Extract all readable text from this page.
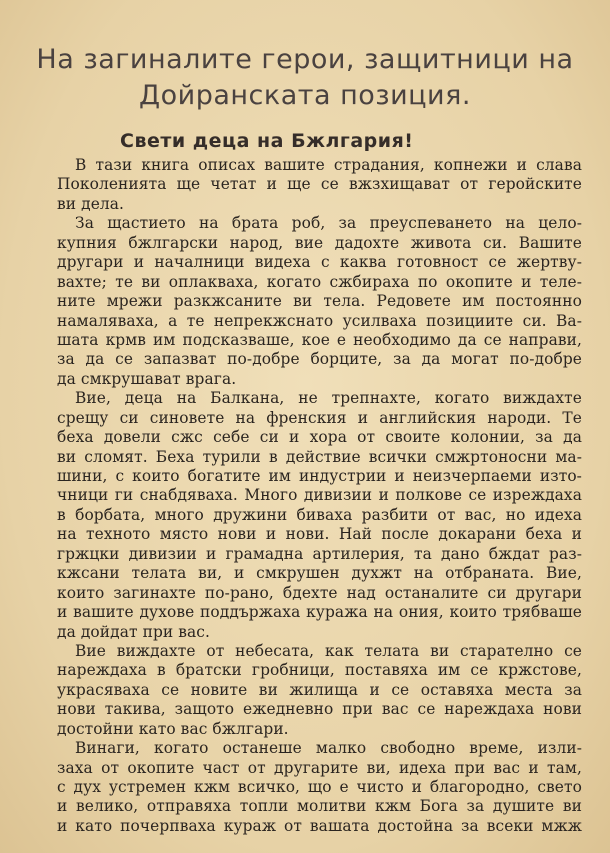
На загиналите герои, защитници на
Дойранската позиция.
Свети деца на Бжлгария!
В тази книга описах вашите страдания, копнежи и слава
Поколенията ще четат и ще се вжзхищават от геройските
ви дела.
За щастието на брата роб, за преуспеването на цело-
купния бжлгарски народ, вие дадохте живота си. Вашите
другари и началници видеха с каква готовност се жертву-
вахте; те ви оплакваха, когато сжбираха по окопите и теле-
ните мрежи разкжсаните ви тела. Редовете им постоянно
намаляваха, а те непрекжснато усилваха позициите си. Ва-
шата крмв им подсказваше, кое е необходимо да се направи,
за да се запазват по-добре борците, за да могат по-добре
да смкрушават врага.
Вие, деца на Балкана, не трепнахте, когато виждахте
срещу си синовете на френския и английския народи. Те
беха довели сжс себе си и хора от своите колонии, за да
ви сломят. Беха турили в действие всички смжртоносни ма-
шини, с които богатите им индустрии и неизчерпаеми изто-
чници ги снабдяваха. Много дивизии и полкове се изреждаха
в борбата, много дружини бивaха разбити от вас, но идеха
на техното място нови и нови. Най после докарани беха и
гржцки дивизии и грамадна артилерия, та дано бждат раз-
кжсани телата ви, и смкрушен духжт на отбраната. Вие,
които загинахте по-рано, бдехте над останалите си другари
и вашите духове поддържаха куража на ония, които трябваше
да дойдат при вас.
Вие виждахте от небесата, как телата ви старателно се
нареждаха в братски гробници, поставяха им се кржстове,
украсяваха се новите ви жилища и се оставяха места за
нови такива, защото ежедневно при вас се нареждаха нови
достойни като вас бжлгари.
Винаги, когато останеше малко свободно време, изли-
заха от окопите част от другарите ви, идеха при вас и там,
с дух устремен кжм всичко, що е чисто и благородно, свето
и велико, отправяха топли молитви кжм Бога за душите ви
и като почерпваха кураж от вашата достойна за всеки мжж
